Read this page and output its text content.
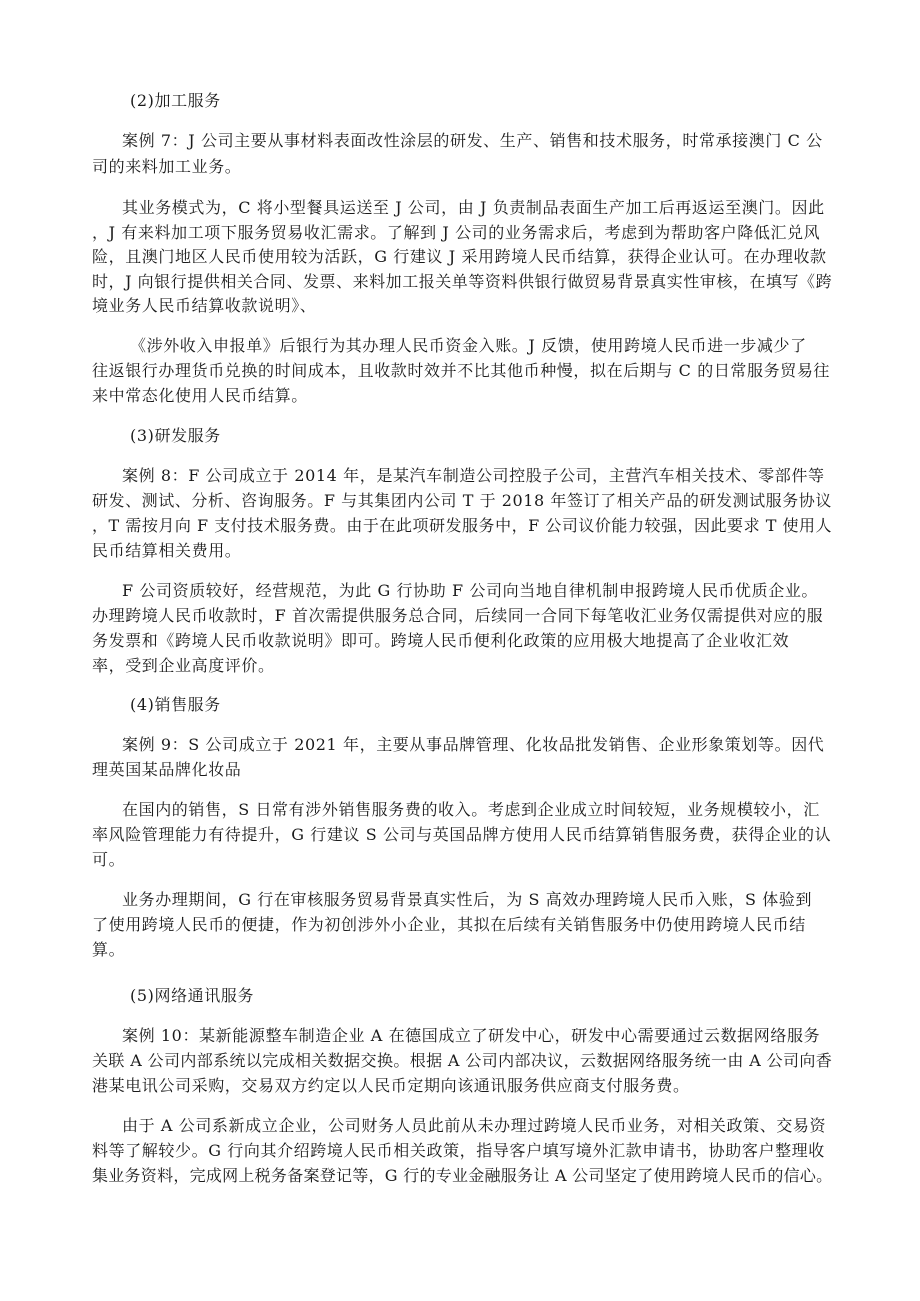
(2)加工服务
案例 7：J 公司主要从事材料表面改性涂层的研发、生产、销售和技术服务，时常承接澳门 C 公
司的来料加工业务。
其业务模式为，C 将小型餐具运送至 J 公司，由 J 负责制品表面生产加工后再返运至澳门。因此
，J 有来料加工项下服务贸易收汇需求。了解到 J 公司的业务需求后，考虑到为帮助客户降低汇兑风
险，且澳门地区人民币使用较为活跃，G 行建议 J 采用跨境人民币结算，获得企业认可。在办理收款
时，J 向银行提供相关合同、发票、来料加工报关单等资料供银行做贸易背景真实性审核，在填写《跨
境业务人民币结算收款说明》、
《涉外收入申报单》后银行为其办理人民币资金入账。J 反馈，使用跨境人民币进一步减少了
往返银行办理货币兑换的时间成本，且收款时效并不比其他币种慢，拟在后期与 C 的日常服务贸易往
来中常态化使用人民币结算。
(3)研发服务
案例 8：F 公司成立于 2014 年，是某汽车制造公司控股子公司，主营汽车相关技术、零部件等
研发、测试、分析、咨询服务。F 与其集团内公司 T 于 2018 年签订了相关产品的研发测试服务协议
，T 需按月向 F 支付技术服务费。由于在此项研发服务中，F 公司议价能力较强，因此要求 T 使用人
民币结算相关费用。
F 公司资质较好，经营规范，为此 G 行协助 F 公司向当地自律机制申报跨境人民币优质企业。
办理跨境人民币收款时，F 首次需提供服务总合同，后续同一合同下每笔收汇业务仅需提供对应的服
务发票和《跨境人民币收款说明》即可。跨境人民币便利化政策的应用极大地提高了企业收汇效
率，受到企业高度评价。
(4)销售服务
案例 9：S 公司成立于 2021 年，主要从事品牌管理、化妆品批发销售、企业形象策划等。因代
理英国某品牌化妆品
在国内的销售，S 日常有涉外销售服务费的收入。考虑到企业成立时间较短，业务规模较小，汇
率风险管理能力有待提升，G 行建议 S 公司与英国品牌方使用人民币结算销售服务费，获得企业的认
可。
业务办理期间，G 行在审核服务贸易背景真实性后，为 S 高效办理跨境人民币入账，S 体验到
了使用跨境人民币的便捷，作为初创涉外小企业，其拟在后续有关销售服务中仍使用跨境人民币结
算。
(5)网络通讯服务
案例 10：某新能源整车制造企业 A 在德国成立了研发中心，研发中心需要通过云数据网络服务
关联 A 公司内部系统以完成相关数据交换。根据 A 公司内部决议，云数据网络服务统一由 A 公司向香
港某电讯公司采购，交易双方约定以人民币定期向该通讯服务供应商支付服务费。
由于 A 公司系新成立企业，公司财务人员此前从未办理过跨境人民币业务，对相关政策、交易资
料等了解较少。G 行向其介绍跨境人民币相关政策，指导客户填写境外汇款申请书，协助客户整理收
集业务资料，完成网上税务备案登记等，G 行的专业金融服务让 A 公司坚定了使用跨境人民币的信心。
